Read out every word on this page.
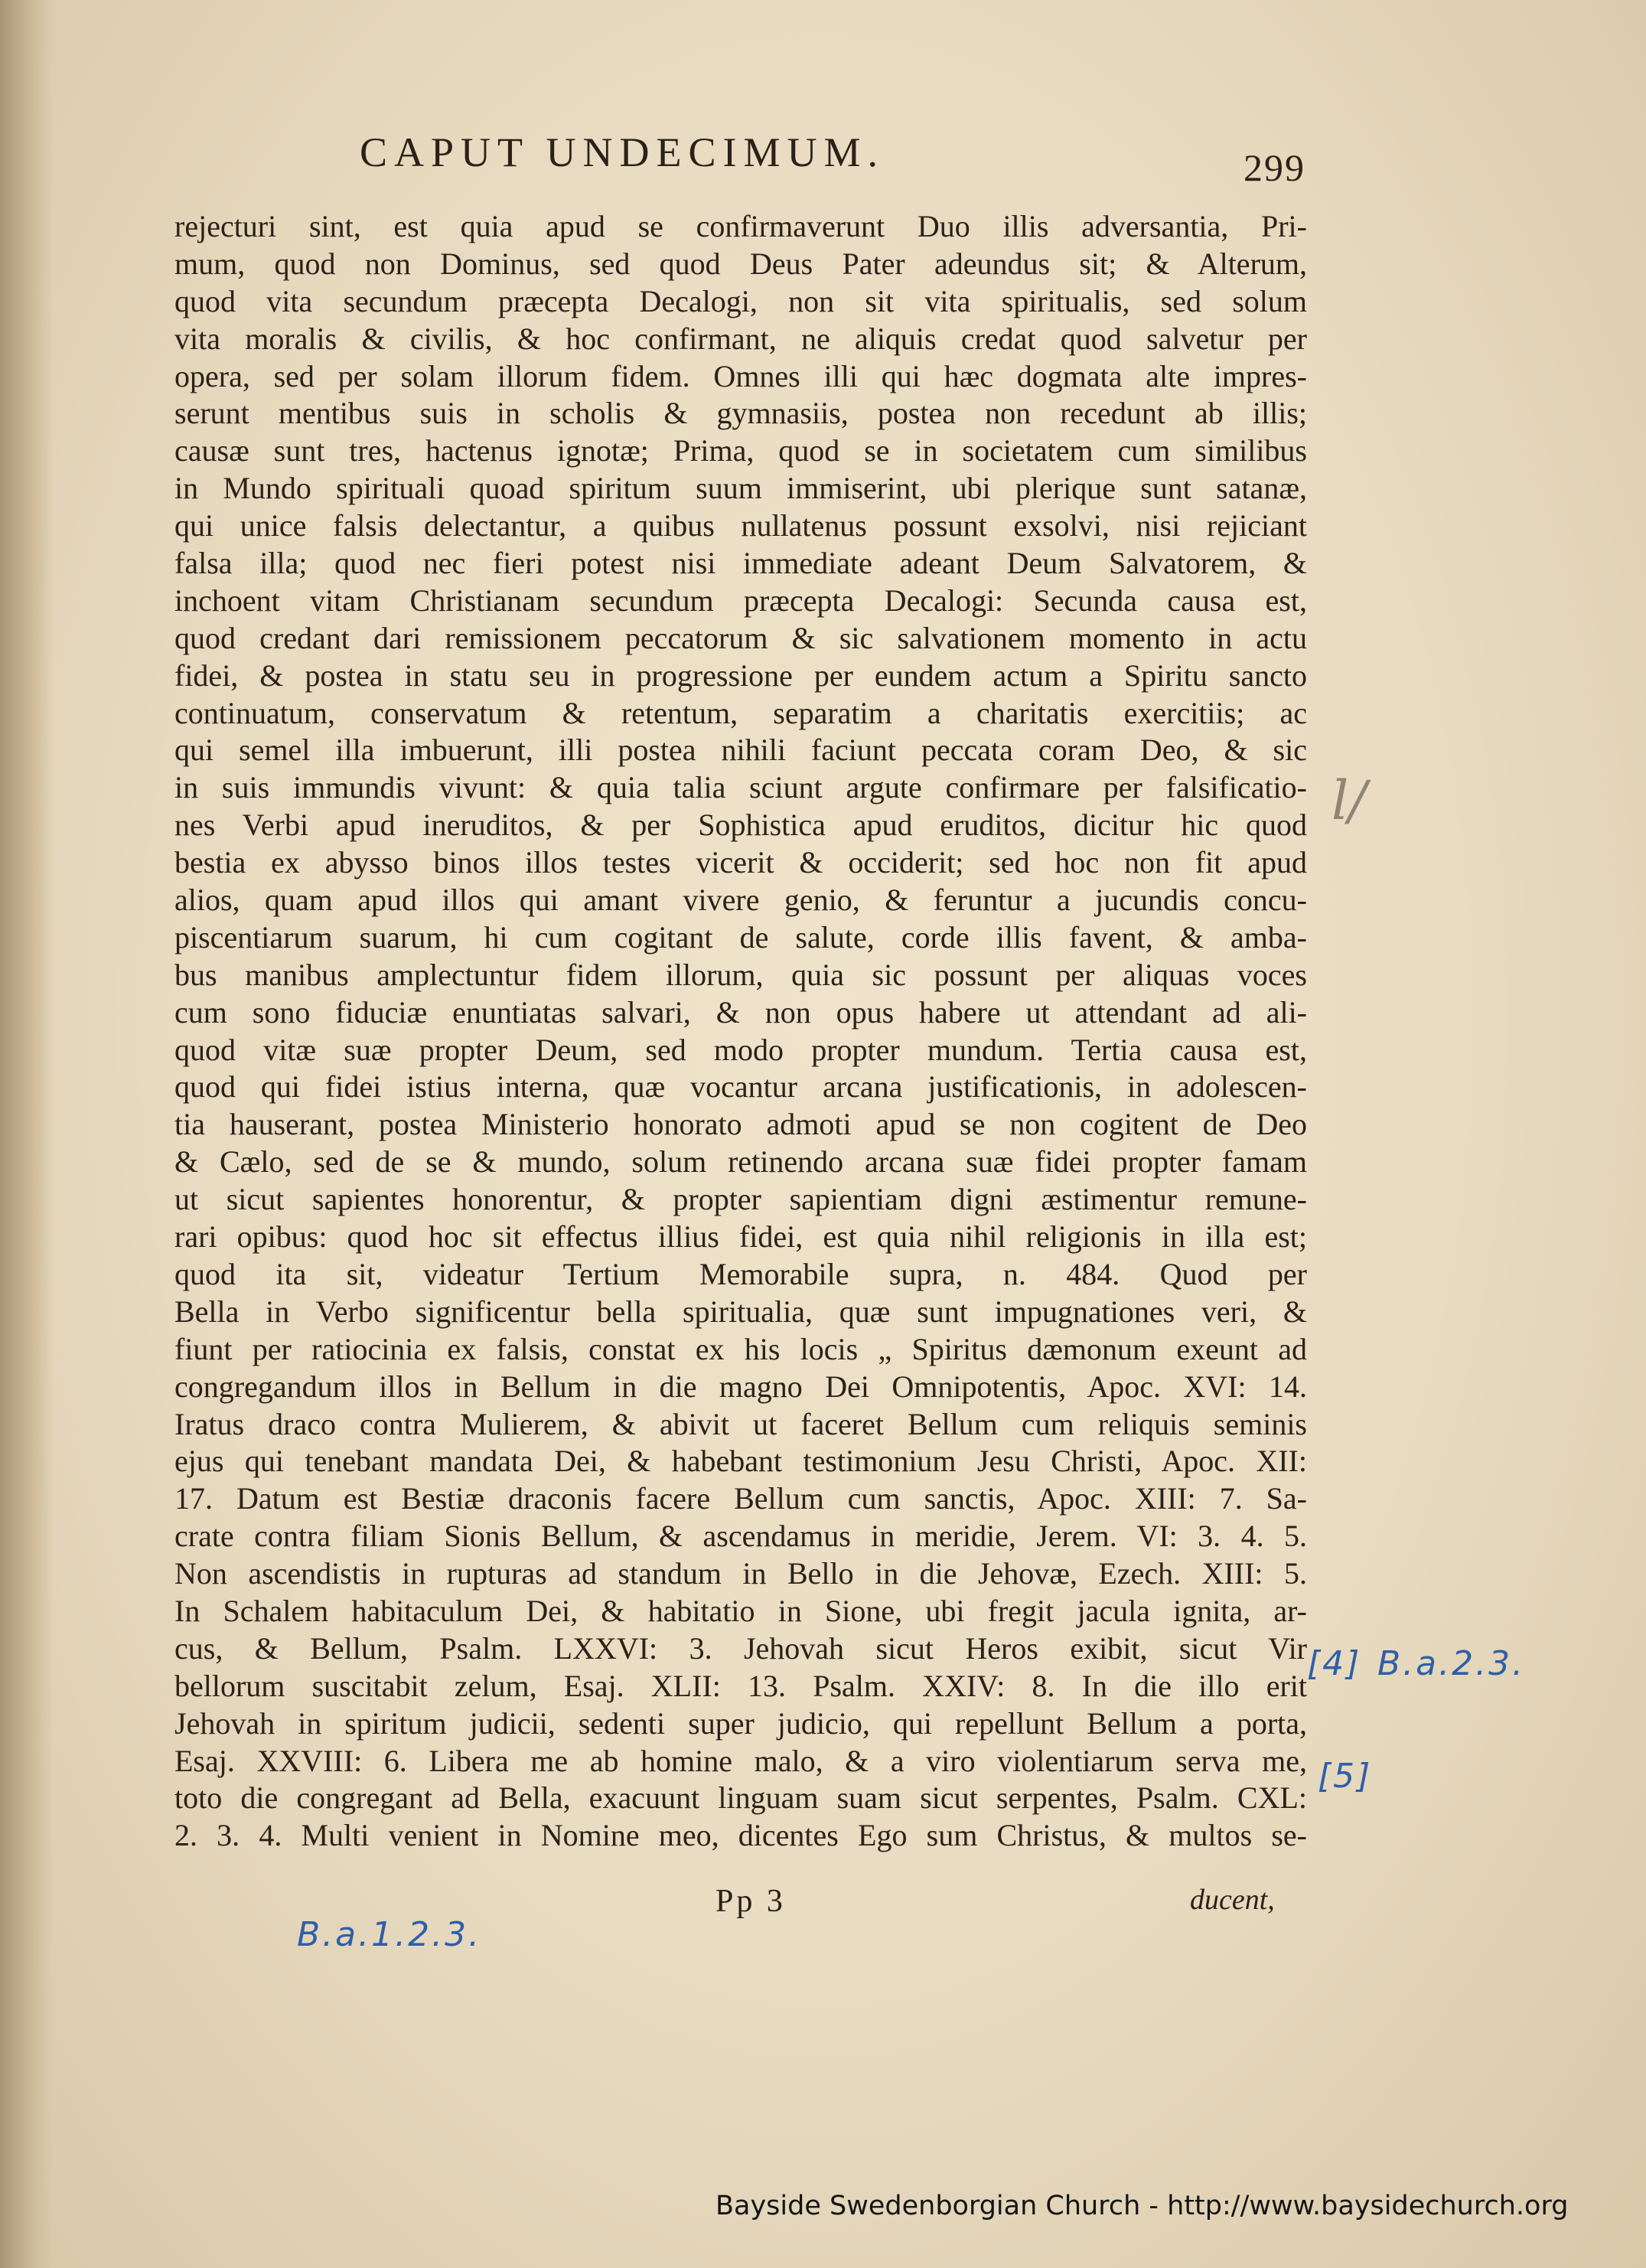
CAPUT UNDECIMUM.	299
rejecturi sint, est quia apud se confirmaverunt Duo illis adversantia, Pri-
mum, quod non Dominus, sed quod Deus Pater adeundus sit; & Alterum,
quod vita secundum præcepta Decalogi, non sit vita spiritualis, sed solum
vita moralis & civilis, & hoc confirmant, ne aliquis credat quod salvetur per
opera, sed per solam illorum fidem. Omnes illi qui hæc dogmata alte impres-
serunt mentibus suis in scholis & gymnasiis, postea non recedunt ab illis;
causæ sunt tres, hactenus ignotæ; Prima, quod se in societatem cum similibus
in Mundo spirituali quoad spiritum suum immiserint, ubi plerique sunt satanæ,
qui unice falsis delectantur, a quibus nullatenus possunt exsolvi, nisi rejiciant
falsa illa; quod nec fieri potest nisi immediate adeant Deum Salvatorem, &
inchoent vitam Christianam secundum præcepta Decalogi: Secunda causa est,
quod credant dari remissionem peccatorum & sic salvationem momento in actu
fidei, & postea in statu seu in progressione per eundem actum a Spiritu sancto
continuatum, conservatum & retentum, separatim a charitatis exercitiis; ac
qui semel illa imbuerunt, illi postea nihili faciunt peccata coram Deo, & sic
in suis immundis vivunt: & quia talia sciunt argute confirmare per falsificatio-
nes Verbi apud ineruditos, & per Sophistica apud eruditos, dicitur hic quod
bestia ex abysso binos illos testes vicerit & occiderit; sed hoc non fit apud
alios, quam apud illos qui amant vivere genio, & feruntur a jucundis concu-
piscentiarum suarum, hi cum cogitant de salute, corde illis favent, & amba-
bus manibus amplectuntur fidem illorum, quia sic possunt per aliquas voces
cum sono fiduciæ enuntiatas salvari, & non opus habere ut attendant ad ali-
quod vitæ suæ propter Deum, sed modo propter mundum. Tertia causa est,
quod qui fidei istius interna, quæ vocantur arcana justificationis, in adolescen-
tia hauserant, postea Ministerio honorato admoti apud se non cogitent de Deo
& Cælo, sed de se & mundo, solum retinendo arcana suæ fidei propter famam
ut sicut sapientes honorentur, & propter sapientiam digni æstimentur remune-
rari opibus: quod hoc sit effectus illius fidei, est quia nihil religionis in illa est;
quod ita sit, videatur Tertium Memorabile supra, n. 484. Quod per
Bella in Verbo significentur bella spiritualia, quæ sunt impugnationes veri, &
fiunt per ratiocinia ex falsis, constat ex his locis „ Spiritus dæmonum exeunt ad
congregandum illos in Bellum in die magno Dei Omnipotentis, Apoc. XVI: 14.
Iratus draco contra Mulierem, & abivit ut faceret Bellum cum reliquis seminis
ejus qui tenebant mandata Dei, & habebant testimonium Jesu Christi, Apoc. XII:
17. Datum est Bestiæ draconis facere Bellum cum sanctis, Apoc. XIII: 7. Sa-
crate contra filiam Sionis Bellum, & ascendamus in meridie, Jerem. VI: 3. 4. 5.
Non ascendistis in rupturas ad standum in Bello in die Jehovæ, Ezech. XIII: 5.
In Schalem habitaculum Dei, & habitatio in Sione, ubi fregit jacula ignita, ar-
cus, & Bellum, Psalm. LXXVI: 3. Jehovah sicut Heros exibit, sicut Vir
bellorum suscitabit zelum, Esaj. XLII: 13. Psalm. XXIV: 8. In die illo erit
Jehovah in spiritum judicii, sedenti super judicio, qui repellunt Bellum a porta,
Esaj. XXVIII: 6. Libera me ab homine malo, & a viro violentiarum serva me,
toto die congregant ad Bella, exacuunt linguam suam sicut serpentes, Psalm. CXL:
2. 3. 4. Multi venient in Nomine meo, dicentes Ego sum Christus, & multos se-
Pp 3	ducent,
l/
[4] B.a.2.3.
[5]
B.a.1.2.3.
Bayside Swedenborgian Church - http://www.baysidechurch.org
